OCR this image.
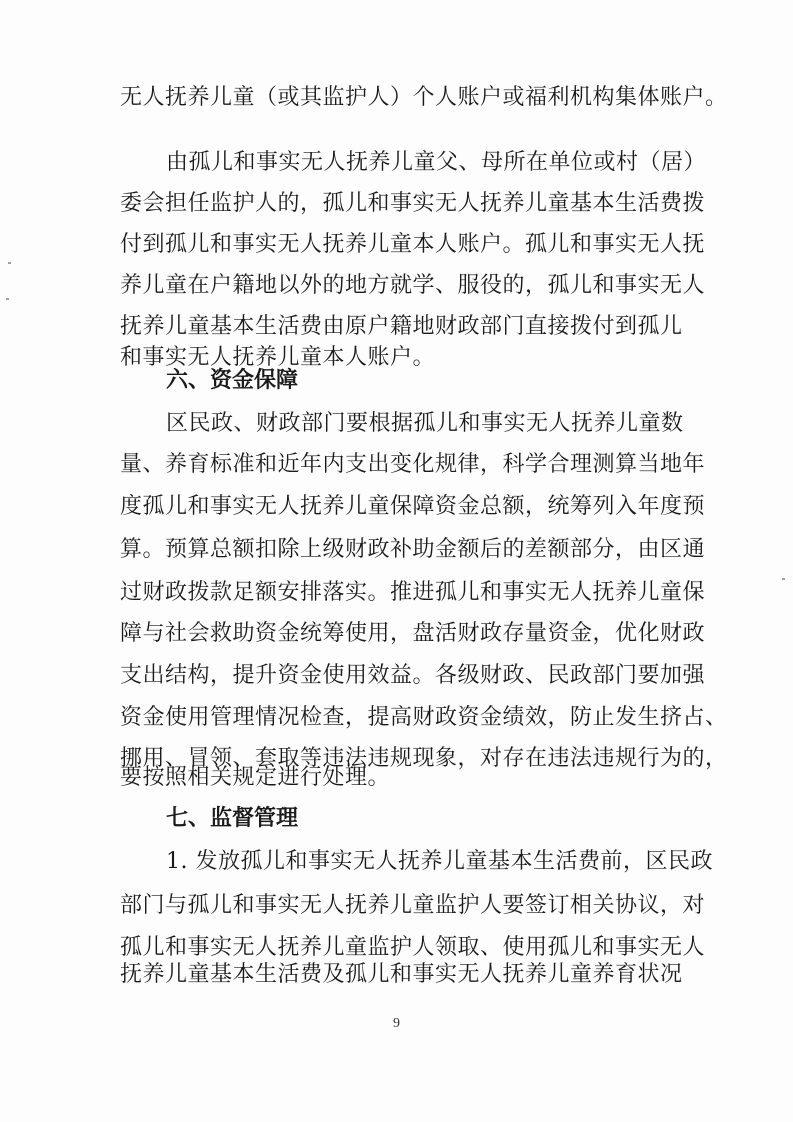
无人抚养儿童（或其监护人）个人账户或福利机构集体账户。
由孤儿和事实无人抚养儿童父、母所在单位或村（居）
委会担任监护人的，孤儿和事实无人抚养儿童基本生活费拨
付到孤儿和事实无人抚养儿童本人账户。孤儿和事实无人抚
养儿童在户籍地以外的地方就学、服役的，孤儿和事实无人
抚养儿童基本生活费由原户籍地财政部门直接拨付到孤儿
和事实无人抚养儿童本人账户。
六、资金保障
区民政、财政部门要根据孤儿和事实无人抚养儿童数
量、养育标准和近年内支出变化规律，科学合理测算当地年
度孤儿和事实无人抚养儿童保障资金总额，统筹列入年度预
算。预算总额扣除上级财政补助金额后的差额部分，由区通
过财政拨款足额安排落实。推进孤儿和事实无人抚养儿童保
障与社会救助资金统筹使用，盘活财政存量资金，优化财政
支出结构，提升资金使用效益。各级财政、民政部门要加强
资金使用管理情况检查，提高财政资金绩效，防止发生挤占、
挪用、冒领、套取等违法违规现象，对存在违法违规行为的，
要按照相关规定进行处理。
七、监督管理
1. 发放孤儿和事实无人抚养儿童基本生活费前，区民政
部门与孤儿和事实无人抚养儿童监护人要签订相关协议，对
孤儿和事实无人抚养儿童监护人领取、使用孤儿和事实无人
抚养儿童基本生活费及孤儿和事实无人抚养儿童养育状况
9
